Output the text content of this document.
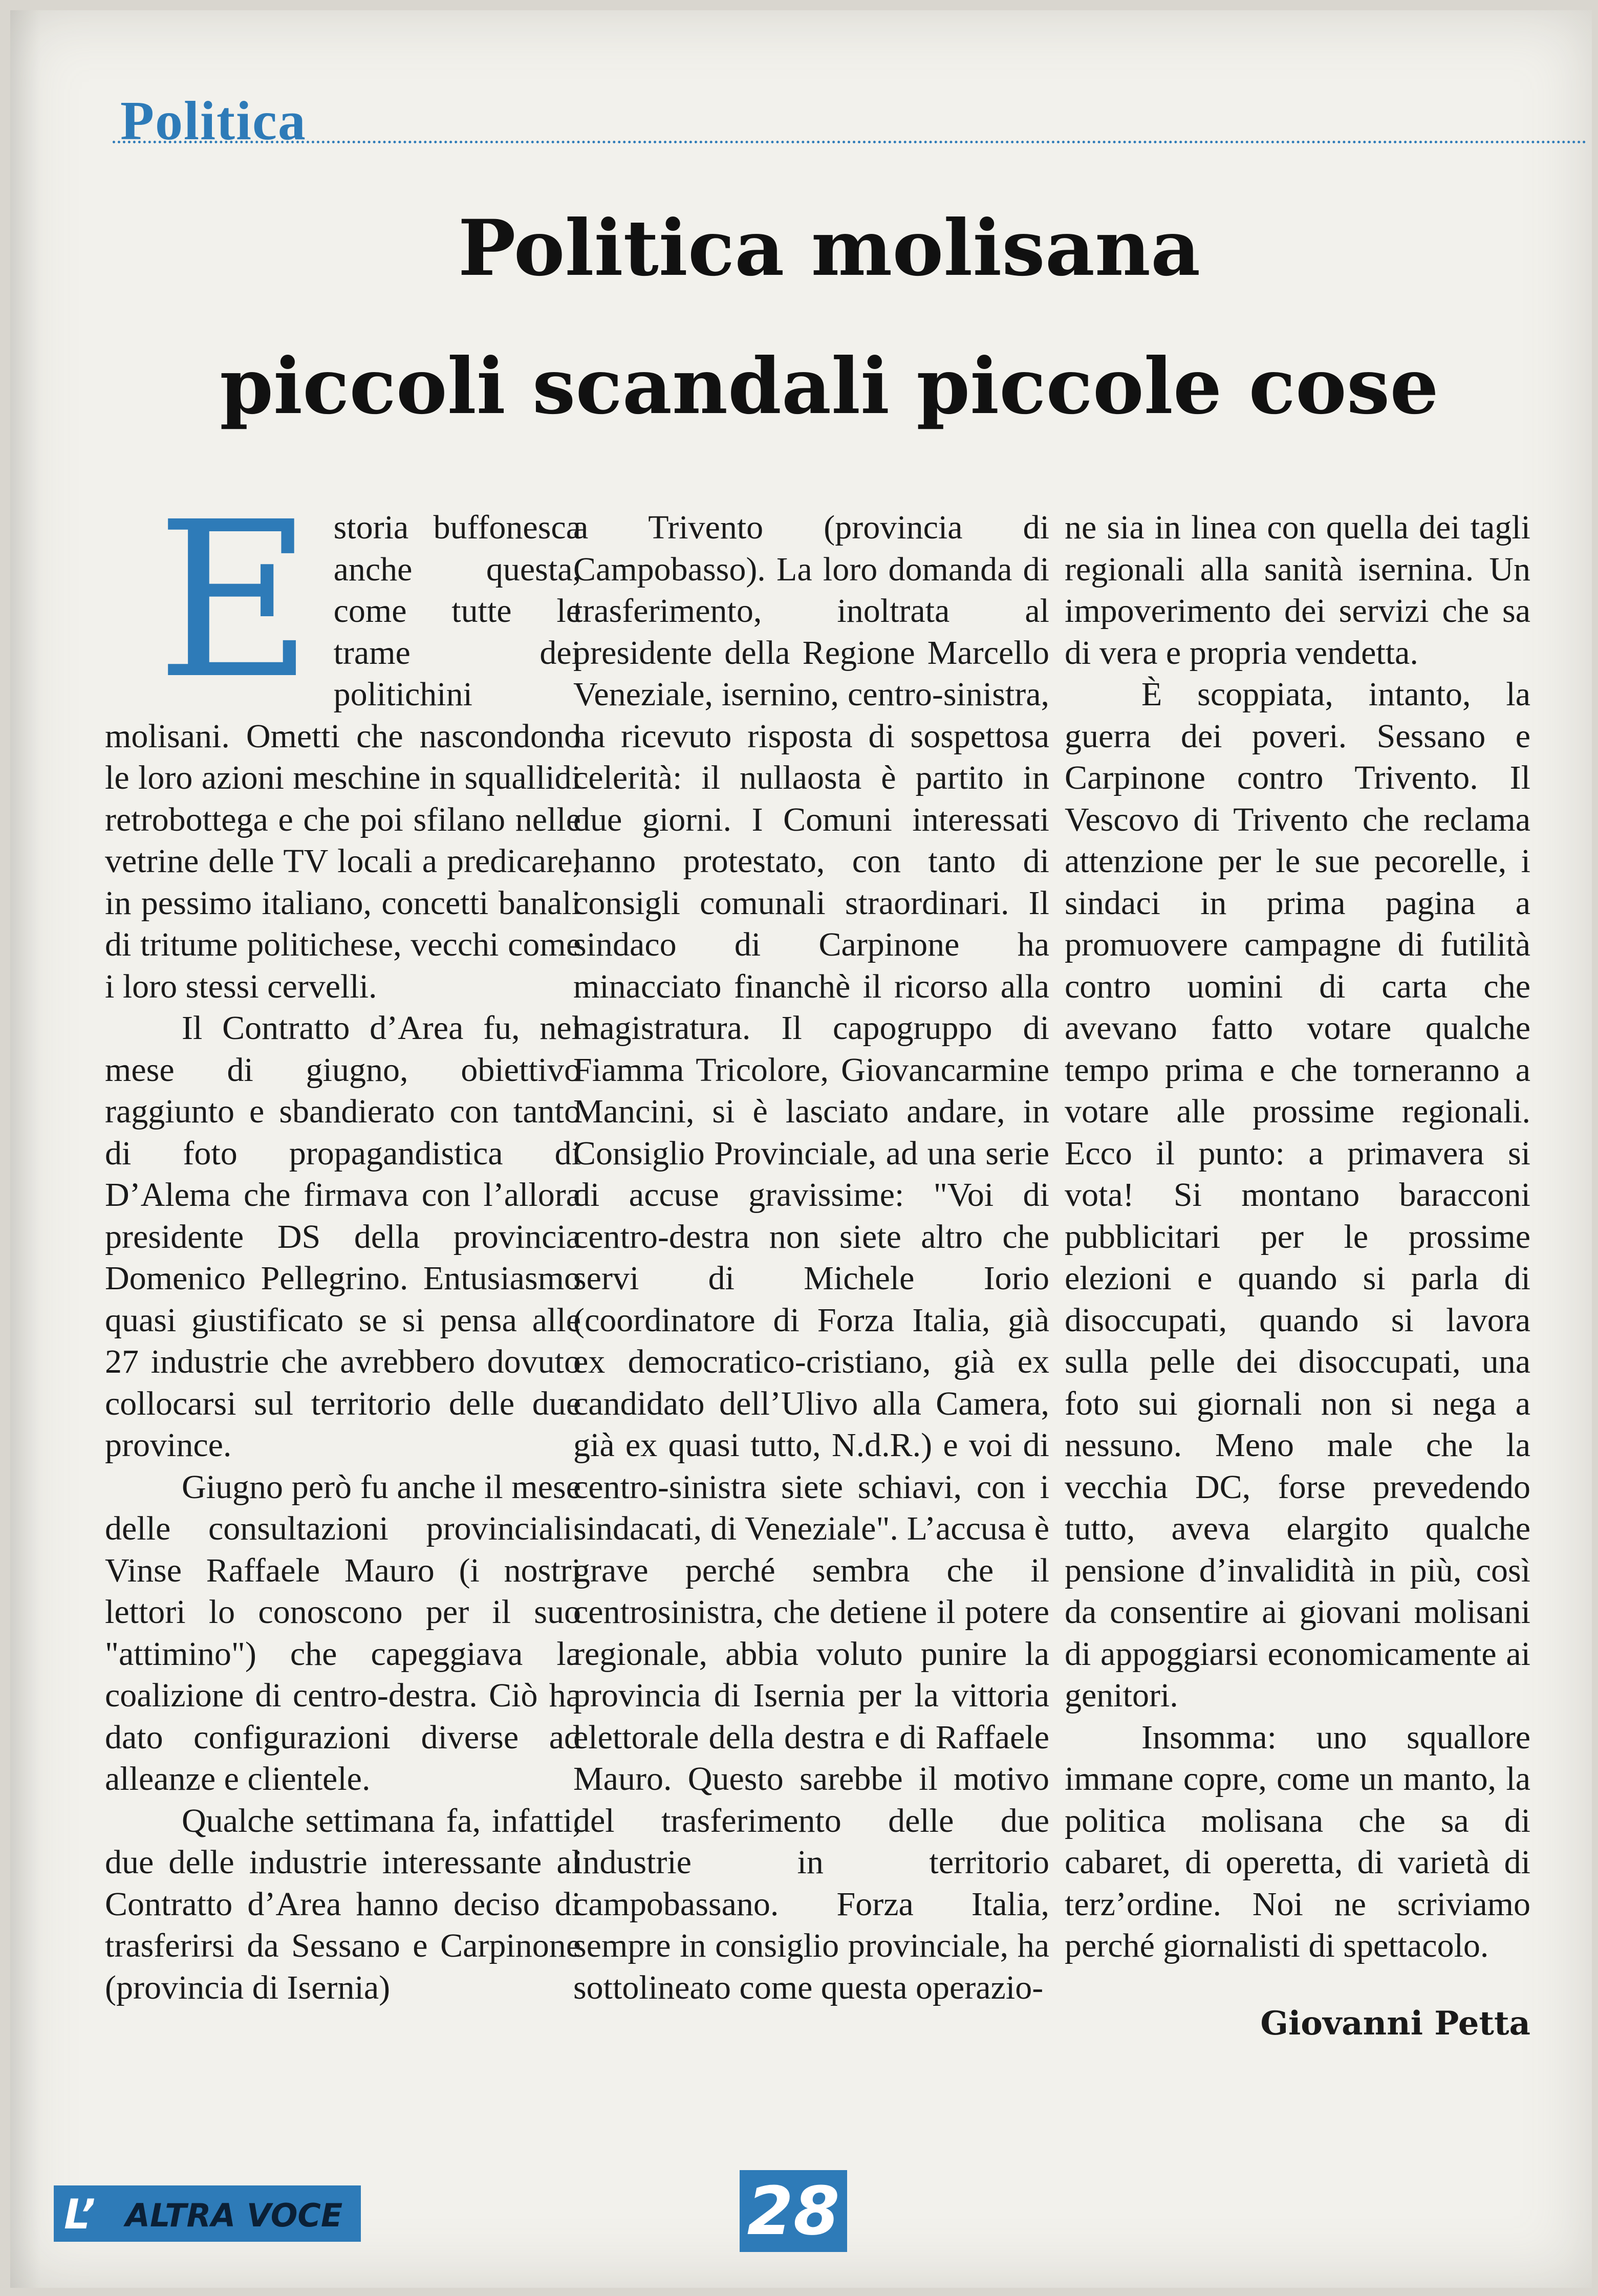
Politica
Politica molisana
piccoli scandali piccole cose
E storia buffonesca anche questa, come tutte le trame dei politichini molisani. Ometti che nascondono le loro azioni meschine in squallidi retrobottega e che poi sfilano nelle vetrine delle TV locali a predicare, in pessimo italiano, concetti banali di tritume politichese, vecchi come i loro stessi cervelli.

Il Contratto d’Area fu, nel mese di giugno, obiettivo raggiunto e sbandierato con tanto di foto propagandistica di D’Alema che firmava con l’allora presidente DS della provincia Domenico Pellegrino. Entusiasmo quasi giustificato se si pensa alle 27 industrie che avrebbero dovuto collocarsi sul territorio delle due province.

Giugno però fu anche il mese delle consultazioni provinciali. Vinse Raffaele Mauro (i nostri lettori lo conoscono per il suo "attimino") che capeggiava la coalizione di centro-destra. Ciò ha dato configurazioni diverse ad alleanze e clientele.

Qualche settimana fa, infatti, due delle industrie interessante al Contratto d’Area hanno deciso di trasferirsi da Sessano e Carpinone (provincia di Isernia)

a Trivento (provincia di Campobasso). La loro domanda di trasferimento, inoltrata al presidente della Regione Marcello Veneziale, isernino, centro-sinistra, ha ricevuto risposta di sospettosa celerità: il nullaosta è partito in due giorni. I Comuni interessati hanno protestato, con tanto di consigli comunali straordinari. Il sindaco di Carpinone ha minacciato financhè il ricorso alla magistratura. Il capogruppo di Fiamma Tricolore, Giovancarmine Mancini, si è lasciato andare, in Consiglio Provinciale, ad una serie di accuse gravissime: "Voi di centro-destra non siete altro che servi di Michele Iorio (coordinatore di Forza Italia, già ex democratico-cristiano, già ex candidato dell’Ulivo alla Camera, già ex quasi tutto, N.d.R.) e voi di centro-sinistra siete schiavi, con i sindacati, di Veneziale". L’accusa è grave perché sembra che il centrosinistra, che detiene il potere regionale, abbia voluto punire la provincia di Isernia per la vittoria elettorale della destra e di Raffaele Mauro. Questo sarebbe il motivo del trasferimento delle due industrie in territorio campobassano. Forza Italia, sempre in consiglio provinciale, ha sottolineato come questa operazio-

ne sia in linea con quella dei tagli regionali alla sanità isernina. Un impoverimento dei servizi che sa di vera e propria vendetta.

È scoppiata, intanto, la guerra dei poveri. Sessano e Carpinone contro Trivento. Il Vescovo di Trivento che reclama attenzione per le sue pecorelle, i sindaci in prima pagina a promuovere campagne di futilità contro uomini di carta che avevano fatto votare qualche tempo prima e che torneranno a votare alle prossime regionali. Ecco il punto: a primavera si vota! Si montano baracconi pubblicitari per le prossime elezioni e quando si parla di disoccupati, quando si lavora sulla pelle dei disoccupati, una foto sui giornali non si nega a nessuno. Meno male che la vecchia DC, forse prevedendo tutto, aveva elargito qualche pensione d’invalidità in più, così da consentire ai giovani molisani di appoggiarsi economicamente ai genitori.

Insomma: uno squallore immane copre, come un manto, la politica molisana che sa di cabaret, di operetta, di varietà di terz’ordine. Noi ne scriviamo perché giornalisti di spettacolo.

Giovanni Petta
L’ ALTRA VOCE	28
